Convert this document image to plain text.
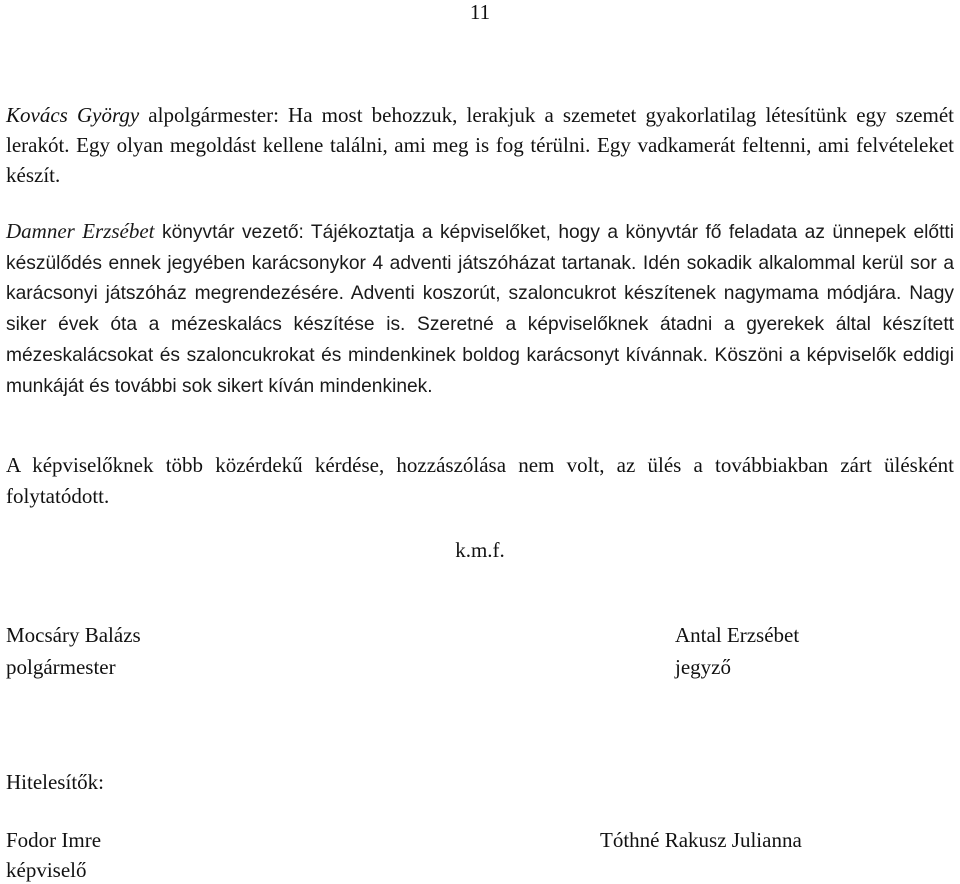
11

Kovács György alpolgármester: Ha most behozzuk, lerakjuk a szemetet gyakorlatilag létesítünk egy szemét lerakót. Egy olyan megoldást kellene találni, ami meg is fog térülni. Egy vadkamerát feltenni, ami felvételeket készít.

Damner Erzsébet könyvtár vezető: Tájékoztatja a képviselőket, hogy a könyvtár fő feladata az ünnepek előtti készülődés ennek jegyében karácsonykor 4 adventi játszóházat tartanak. Idén sokadik alkalommal kerül sor a karácsonyi játszóház megrendezésére. Adventi koszorút, szaloncukrot készítenek nagymama módjára. Nagy siker évek óta a mézeskalács készítése is. Szeretné a képviselőknek átadni a gyerekek által készített mézeskalácsokat és szaloncukrokat és mindenkinek boldog karácsonyt kívánnak. Köszöni a képviselők eddigi munkáját és további sok sikert kíván mindenkinek.

A képviselőknek több közérdekű kérdése, hozzászólása nem volt, az ülés a továbbiakban zárt ülésként folytatódott.

k.m.f.
Mocsáry Balázs
polgármester
Antal Erzsébet
jegyző
Hitelesítők:
Fodor Imre
képviselő
Tóthné Rakusz Julianna
